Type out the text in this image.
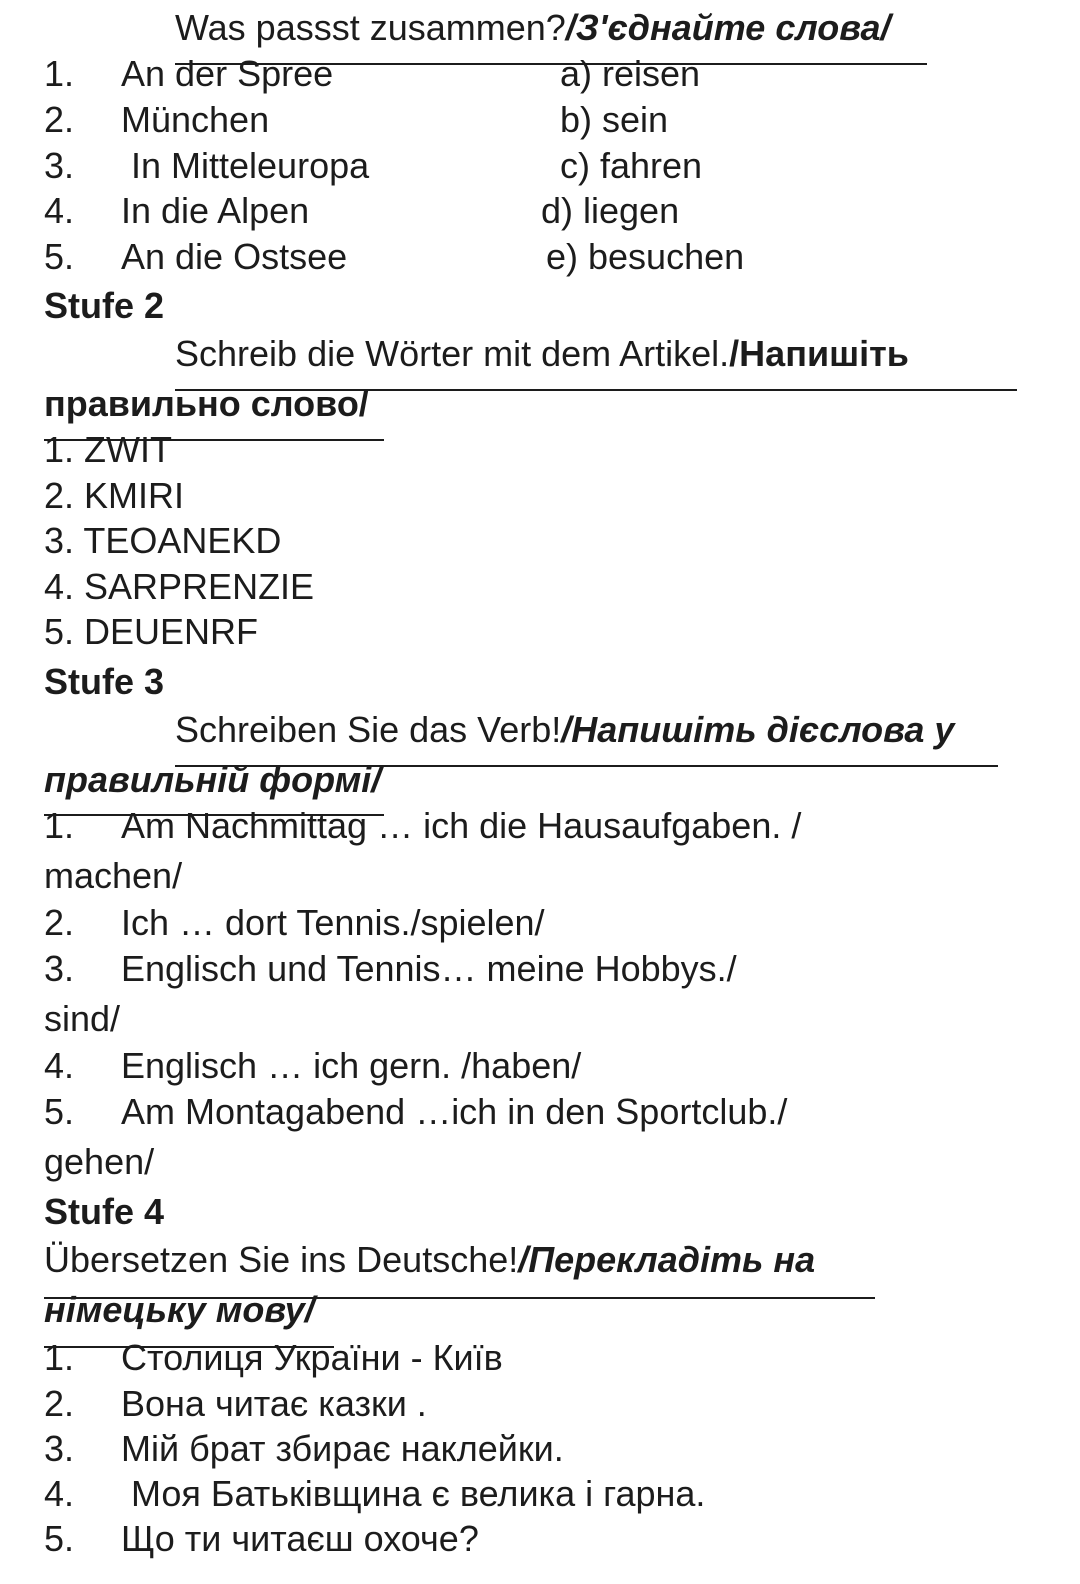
Was passst zusammen?/З'єднайте слова/
1. An der Spree	a) reisen
2. München	b) sein
3. In Mitteleuropa	c) fahren
4. In die Alpen	d) liegen
5. An die Ostsee	e) besuchen
Stufe 2
Schreib die Wörter mit dem Artikel./Напишіть
правильно слово/
1. ZWIT
2. KMIRI
3. TEOANEKD
4. SARPRENZIE
5. DEUENRF
Stufe 3
Schreiben Sie das Verb!/Напишіть дієслова у
правильній формі/
1. Am Nachmittag … ich die Hausaufgaben. /
machen/
2. Ich … dort Tennis./spielen/
3. Englisch und Tennis… meine Hobbys./
sind/
4. Englisch … ich gern. /haben/
5. Am Montagabend …ich in den Sportclub./
gehen/
Stufe 4
Übersetzen Sie ins Deutsche!/Перекладіть на
німецьку мову/
1. Столиця України - Київ
2. Вона читає казки .
3. Мій брат збирає наклейки.
4. Моя Батьківщина є велика і гарна.
5. Що ти читаєш охоче?
